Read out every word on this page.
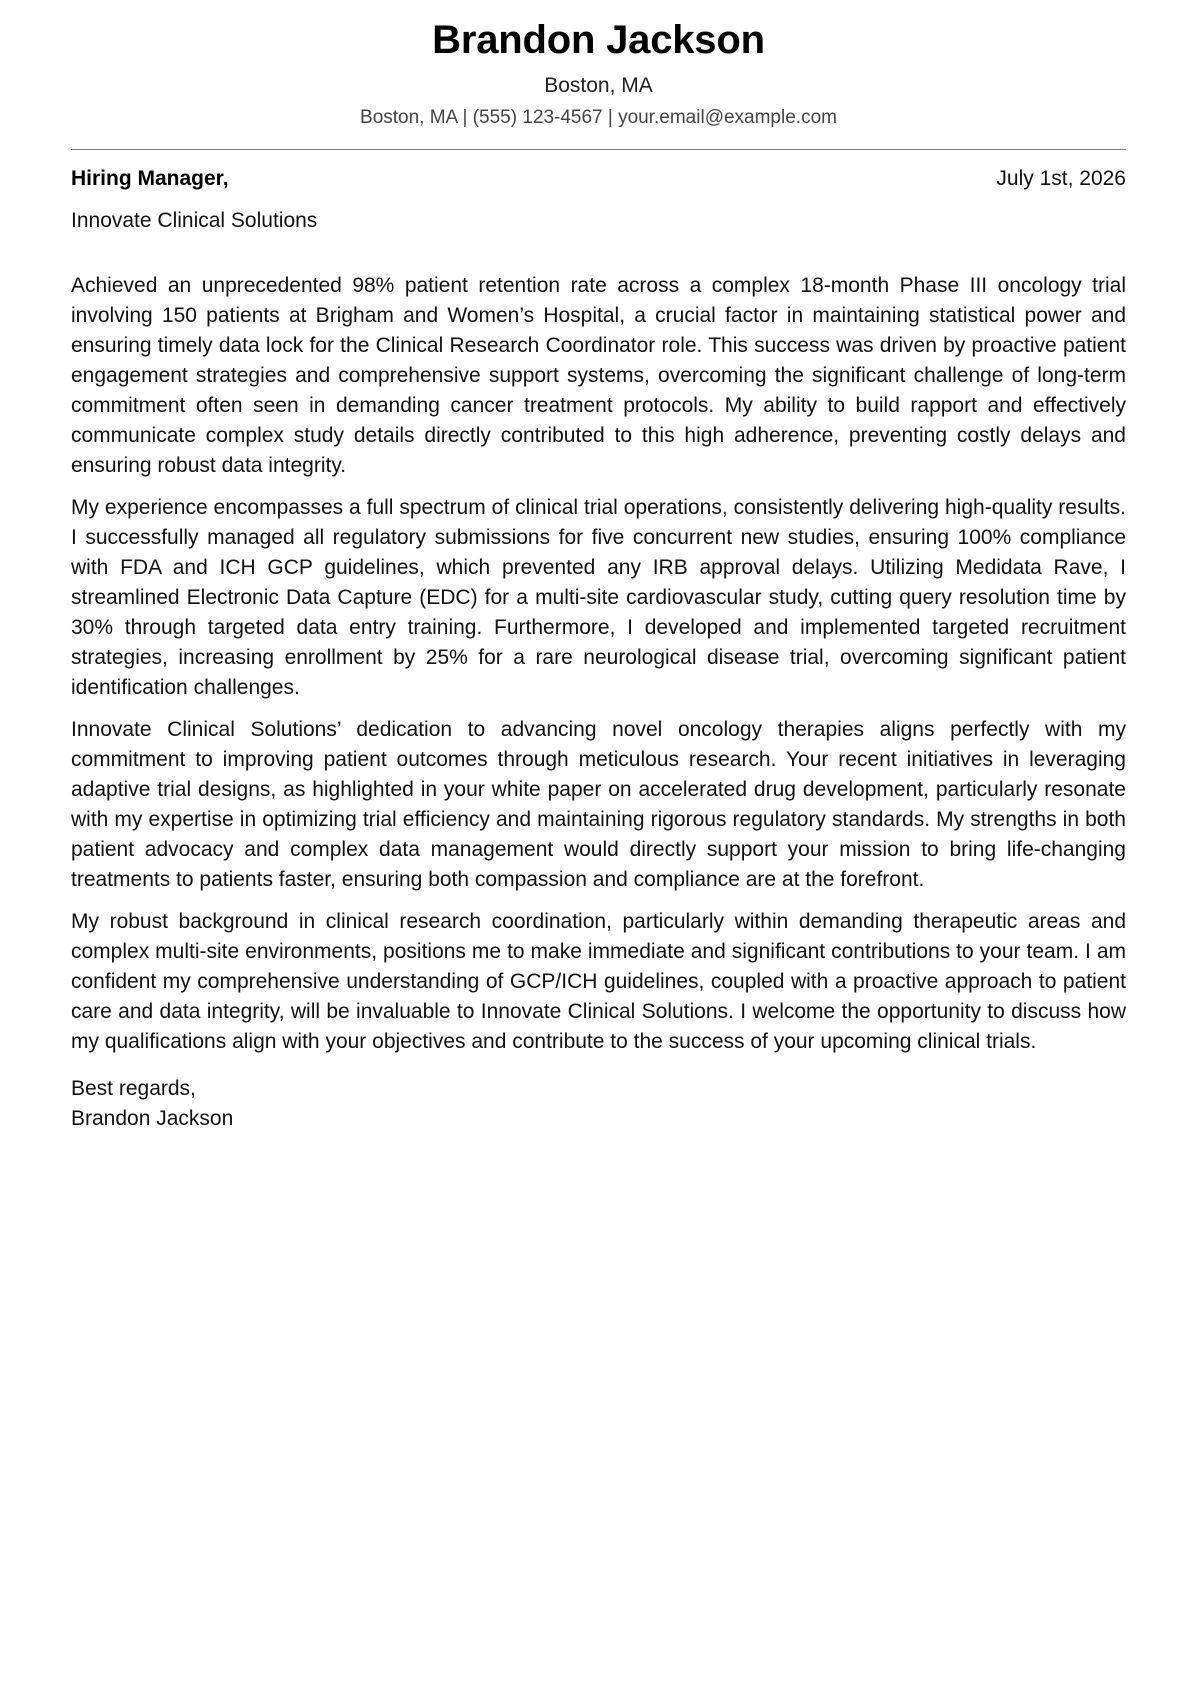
Brandon Jackson
Boston, MA
Boston, MA | (555) 123-4567 | your.email@example.com
Hiring Manager,	July 1st, 2026
Innovate Clinical Solutions

Achieved an unprecedented 98% patient retention rate across a complex 18-month Phase III oncology trial involving 150 patients at Brigham and Women’s Hospital, a crucial factor in maintaining statistical power and ensuring timely data lock for the Clinical Research Coordinator role. This success was driven by proactive patient engagement strategies and comprehensive support systems, overcoming the significant challenge of long-term commitment often seen in demanding cancer treatment protocols. My ability to build rapport and effectively communicate complex study details directly contributed to this high adherence, preventing costly delays and ensuring robust data integrity.

My experience encompasses a full spectrum of clinical trial operations, consistently delivering high-quality results. I successfully managed all regulatory submissions for five concurrent new studies, ensuring 100% compliance with FDA and ICH GCP guidelines, which prevented any IRB approval delays. Utilizing Medidata Rave, I streamlined Electronic Data Capture (EDC) for a multi-site cardiovascular study, cutting query resolution time by 30% through targeted data entry training. Furthermore, I developed and implemented targeted recruitment strategies, increasing enrollment by 25% for a rare neurological disease trial, overcoming significant patient identification challenges.

Innovate Clinical Solutions’ dedication to advancing novel oncology therapies aligns perfectly with my commitment to improving patient outcomes through meticulous research. Your recent initiatives in leveraging adaptive trial designs, as highlighted in your white paper on accelerated drug development, particularly resonate with my expertise in optimizing trial efficiency and maintaining rigorous regulatory standards. My strengths in both patient advocacy and complex data management would directly support your mission to bring life-changing treatments to patients faster, ensuring both compassion and compliance are at the forefront.

My robust background in clinical research coordination, particularly within demanding therapeutic areas and complex multi-site environments, positions me to make immediate and significant contributions to your team. I am confident my comprehensive understanding of GCP/ICH guidelines, coupled with a proactive approach to patient care and data integrity, will be invaluable to Innovate Clinical Solutions. I welcome the opportunity to discuss how my qualifications align with your objectives and contribute to the success of your upcoming clinical trials.

Best regards,
Brandon Jackson
